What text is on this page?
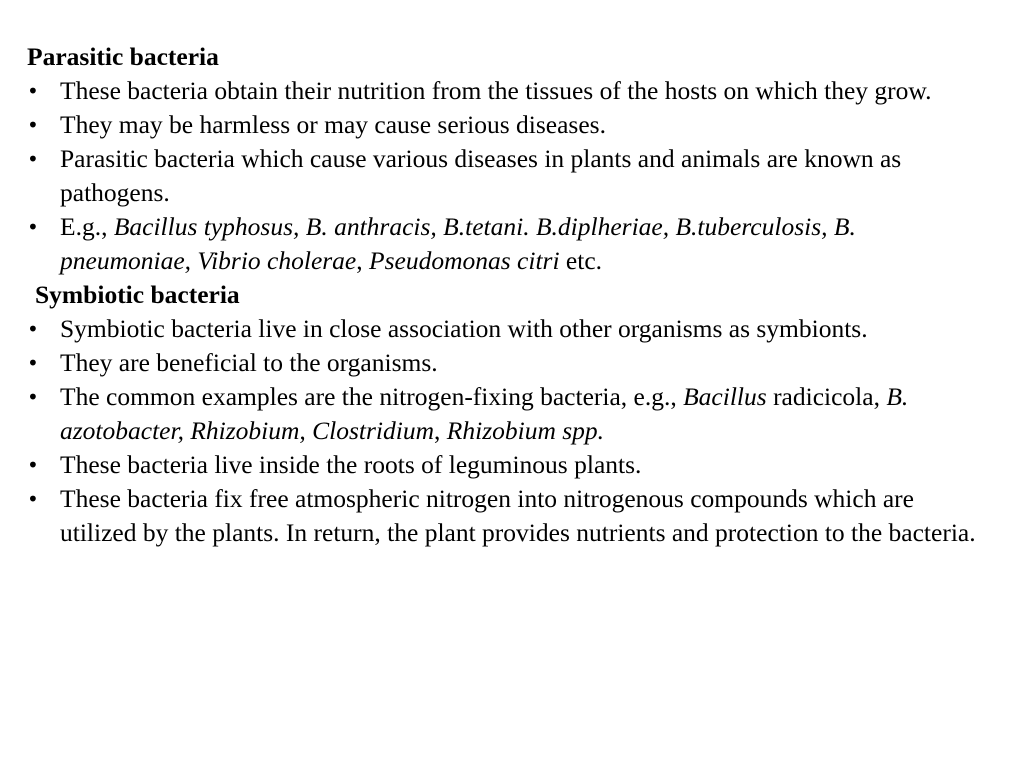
Parasitic bacteria

• These bacteria obtain their nutrition from the tissues of the hosts on which they grow.
• They may be harmless or may cause serious diseases.
• Parasitic bacteria which cause various diseases in plants and animals are known as pathogens.
• E.g., Bacillus typhosus, B. anthracis, B.tetani. B.diplheriae, B.tuberculosis, B. pneumoniae, Vibrio cholerae, Pseudomonas citri etc.

Symbiotic bacteria

• Symbiotic bacteria live in close association with other organisms as symbionts.
• They are beneficial to the organisms.
• The common examples are the nitrogen-fixing bacteria, e.g., Bacillus radicicola, B. azotobacter, Rhizobium, Clostridium, Rhizobium spp.
• These bacteria live inside the roots of leguminous plants.
• These bacteria fix free atmospheric nitrogen into nitrogenous compounds which are utilized by the plants. In return, the plant provides nutrients and protection to the bacteria.
